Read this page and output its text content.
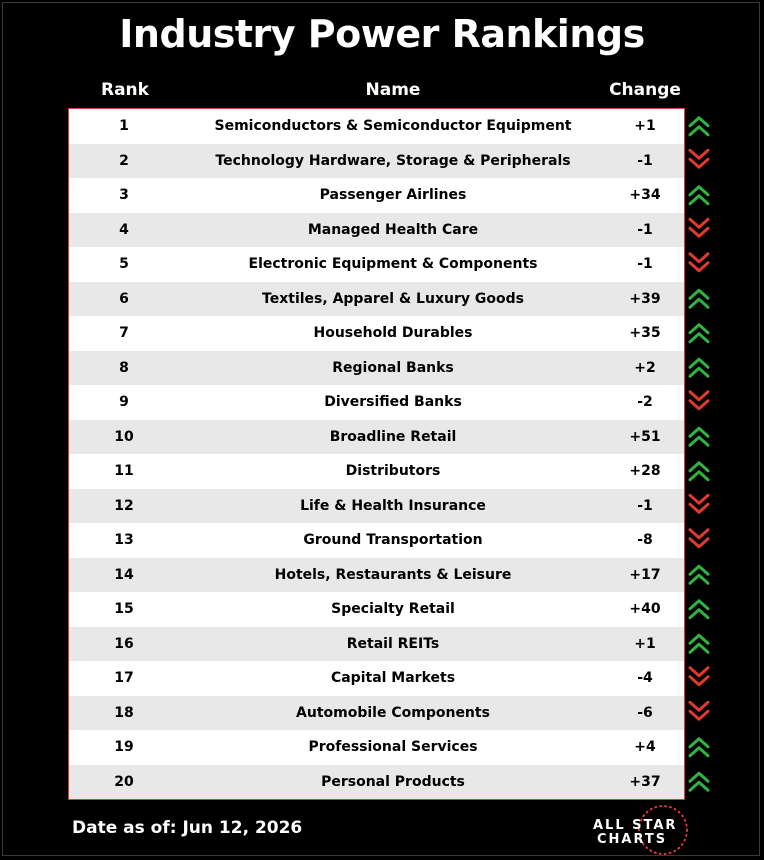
Industry Power Rankings
Rank	Name	Change
1	Semiconductors & Semiconductor Equipment	+1
2	Technology Hardware, Storage & Peripherals	-1
3	Passenger Airlines	+34
4	Managed Health Care	-1
5	Electronic Equipment & Components	-1
6	Textiles, Apparel & Luxury Goods	+39
7	Household Durables	+35
8	Regional Banks	+2
9	Diversified Banks	-2
10	Broadline Retail	+51
11	Distributors	+28
12	Life & Health Insurance	-1
13	Ground Transportation	-8
14	Hotels, Restaurants & Leisure	+17
15	Specialty Retail	+40
16	Retail REITs	+1
17	Capital Markets	-4
18	Automobile Components	-6
19	Professional Services	+4
20	Personal Products	+37
Date as of: Jun 12, 2026	ALL STAR
CHARTS
